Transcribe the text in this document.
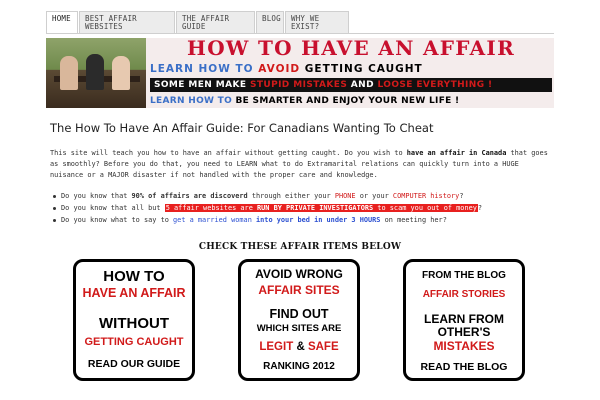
HOME	BEST AFFAIR
WEBSITES
THE AFFAIR
GUIDE
BLOG	WHY WE
EXIST?
HOW TO HAVE AN AFFAIR
LEARN HOW TO AVOID GETTING CAUGHT
SOME MEN MAKE STUPID MISTAKES AND LOOSE EVERYTHING !
LEARN HOW TO BE SMARTER AND ENJOY YOUR NEW LIFE !
The How To Have An Affair Guide: For Canadians Wanting To Cheat
This site will teach you how to have an affair without getting caught. Do you wish to have an affair in Canada that goes as smoothly? Before you do that, you need to LEARN what to do Extramarital relations can quickly turn into a HUGE nuisance or a MAJOR disaster if not handled with the proper care and knowledge.
Do you know that 90% of affairs are discoverd through either your PHONE or your COMPUTER history?
Do you know that all but 5 affair websites are RUN BY PRIVATE INVESTIGATORS to scam you out of money?
Do you know what to say to get a married woman into your bed in under 3 HOURS on meeting her?
CHECK THESE AFFAIR ITEMS BELOW
HOW TO
HAVE AN AFFAIR
WITHOUT
GETTING CAUGHT
READ OUR GUIDE
AVOID WRONG
AFFAIR SITES
FIND OUT
WHICH SITES ARE
LEGIT & SAFE
RANKING 2012
FROM THE BLOG
AFFAIR STORIES
LEARN FROM
OTHER'S
MISTAKES
READ THE BLOG
